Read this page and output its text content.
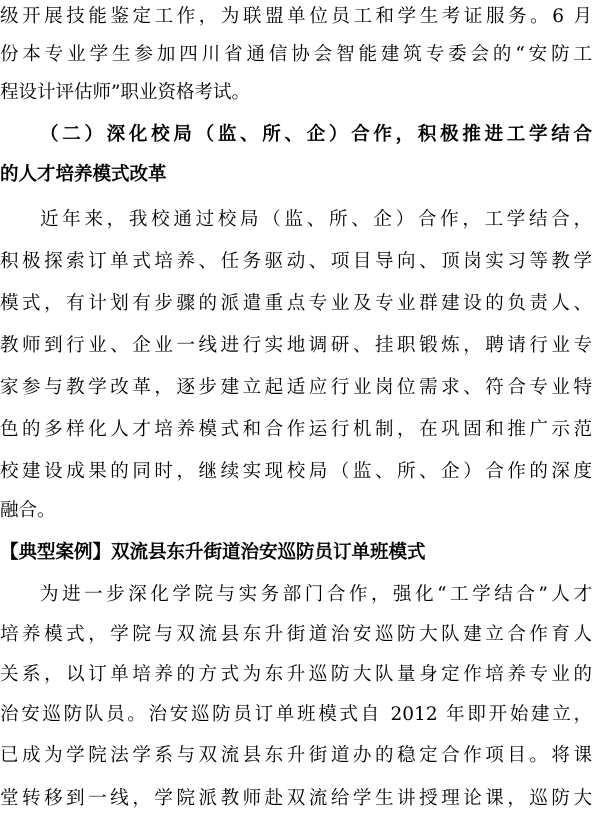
级开展技能鉴定工作，为联盟单位员工和学生考证服务。6 月
份本专业学生参加四川省通信协会智能建筑专委会的“安防工
程设计评估师”职业资格考试。
（二）深化校局（监、所、企）合作，积极推进工学结合
的人才培养模式改革
近年来，我校通过校局（监、所、企）合作，工学结合，
积极探索订单式培养、任务驱动、项目导向、顶岗实习等教学
模式，有计划有步骤的派遣重点专业及专业群建设的负责人、
教师到行业、企业一线进行实地调研、挂职锻炼，聘请行业专
家参与教学改革，逐步建立起适应行业岗位需求、符合专业特
色的多样化人才培养模式和合作运行机制，在巩固和推广示范
校建设成果的同时，继续实现校局（监、所、企）合作的深度
融合。
【典型案例】双流县东升街道治安巡防员订单班模式
为进一步深化学院与实务部门合作，强化“工学结合”人才
培养模式，学院与双流县东升街道治安巡防大队建立合作育人
关系，以订单培养的方式为东升巡防大队量身定作培养专业的
治安巡防队员。治安巡防员订单班模式自 2012 年即开始建立，
已成为学院法学系与双流县东升街道办的稳定合作项目。将课
堂转移到一线，学院派教师赴双流给学生讲授理论课，巡防大
